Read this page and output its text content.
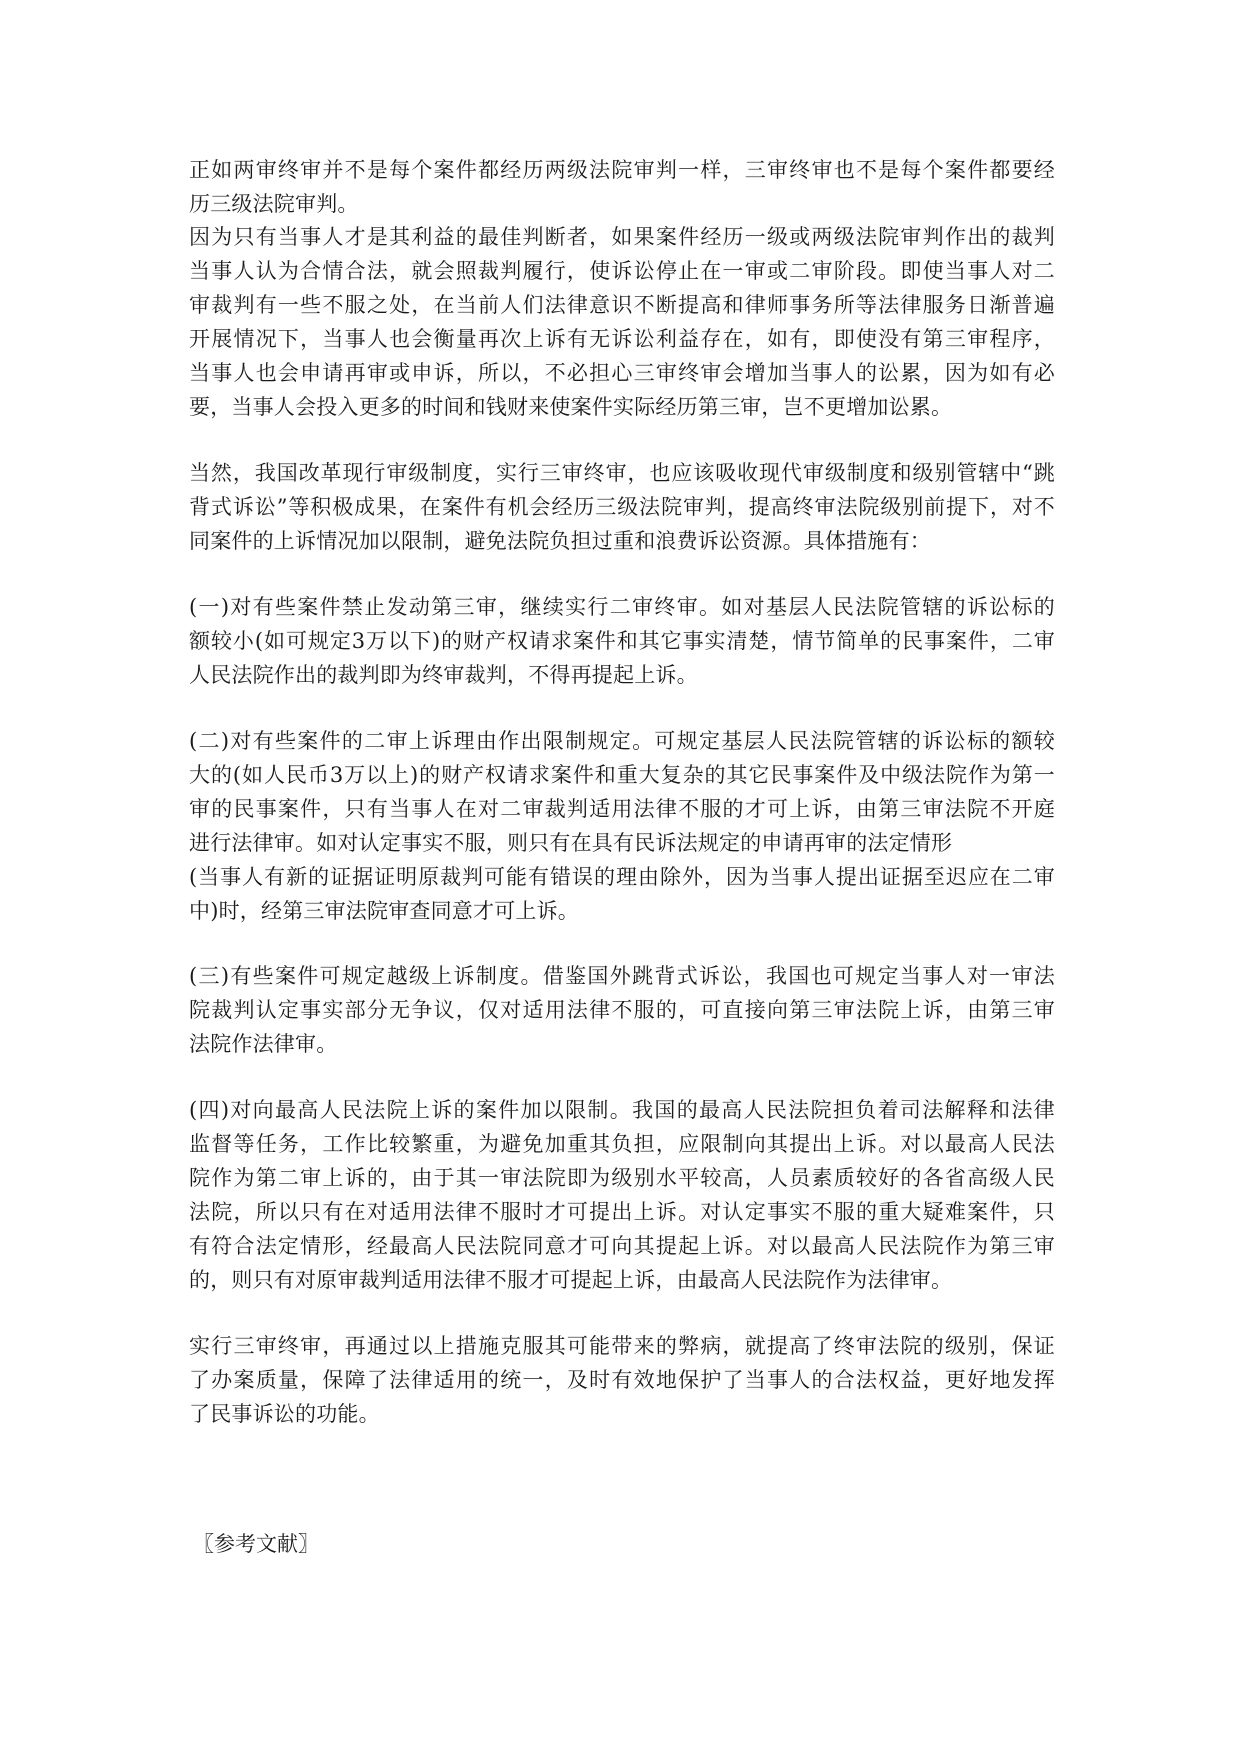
正如两审终审并不是每个案件都经历两级法院审判一样，三审终审也不是每个案件都要经
历三级法院审判。
因为只有当事人才是其利益的最佳判断者，如果案件经历一级或两级法院审判作出的裁判
当事人认为合情合法，就会照裁判履行，使诉讼停止在一审或二审阶段。即使当事人对二
审裁判有一些不服之处，在当前人们法律意识不断提高和律师事务所等法律服务日渐普遍
开展情况下，当事人也会衡量再次上诉有无诉讼利益存在，如有，即使没有第三审程序，
当事人也会申请再审或申诉，所以，不必担心三审终审会增加当事人的讼累，因为如有必
要，当事人会投入更多的时间和钱财来使案件实际经历第三审，岂不更增加讼累。
当然，我国改革现行审级制度，实行三审终审，也应该吸收现代审级制度和级别管辖中“跳
背式诉讼”等积极成果，在案件有机会经历三级法院审判，提高终审法院级别前提下，对不
同案件的上诉情况加以限制，避免法院负担过重和浪费诉讼资源。具体措施有：
(一)对有些案件禁止发动第三审，继续实行二审终审。如对基层人民法院管辖的诉讼标的
额较小(如可规定3万以下)的财产权请求案件和其它事实清楚，情节简单的民事案件，二审
人民法院作出的裁判即为终审裁判，不得再提起上诉。
(二)对有些案件的二审上诉理由作出限制规定。可规定基层人民法院管辖的诉讼标的额较
大的(如人民币3万以上)的财产权请求案件和重大复杂的其它民事案件及中级法院作为第一
审的民事案件，只有当事人在对二审裁判适用法律不服的才可上诉，由第三审法院不开庭
进行法律审。如对认定事实不服，则只有在具有民诉法规定的申请再审的法定情形
(当事人有新的证据证明原裁判可能有错误的理由除外，因为当事人提出证据至迟应在二审
中)时，经第三审法院审查同意才可上诉。
(三)有些案件可规定越级上诉制度。借鉴国外跳背式诉讼，我国也可规定当事人对一审法
院裁判认定事实部分无争议，仅对适用法律不服的，可直接向第三审法院上诉，由第三审
法院作法律审。
(四)对向最高人民法院上诉的案件加以限制。我国的最高人民法院担负着司法解释和法律
监督等任务，工作比较繁重，为避免加重其负担，应限制向其提出上诉。对以最高人民法
院作为第二审上诉的，由于其一审法院即为级别水平较高，人员素质较好的各省高级人民
法院，所以只有在对适用法律不服时才可提出上诉。对认定事实不服的重大疑难案件，只
有符合法定情形，经最高人民法院同意才可向其提起上诉。对以最高人民法院作为第三审
的，则只有对原审裁判适用法律不服才可提起上诉，由最高人民法院作为法律审。
实行三审终审，再通过以上措施克服其可能带来的弊病，就提高了终审法院的级别，保证
了办案质量，保障了法律适用的统一，及时有效地保护了当事人的合法权益，更好地发挥
了民事诉讼的功能。

〖参考文献〗
